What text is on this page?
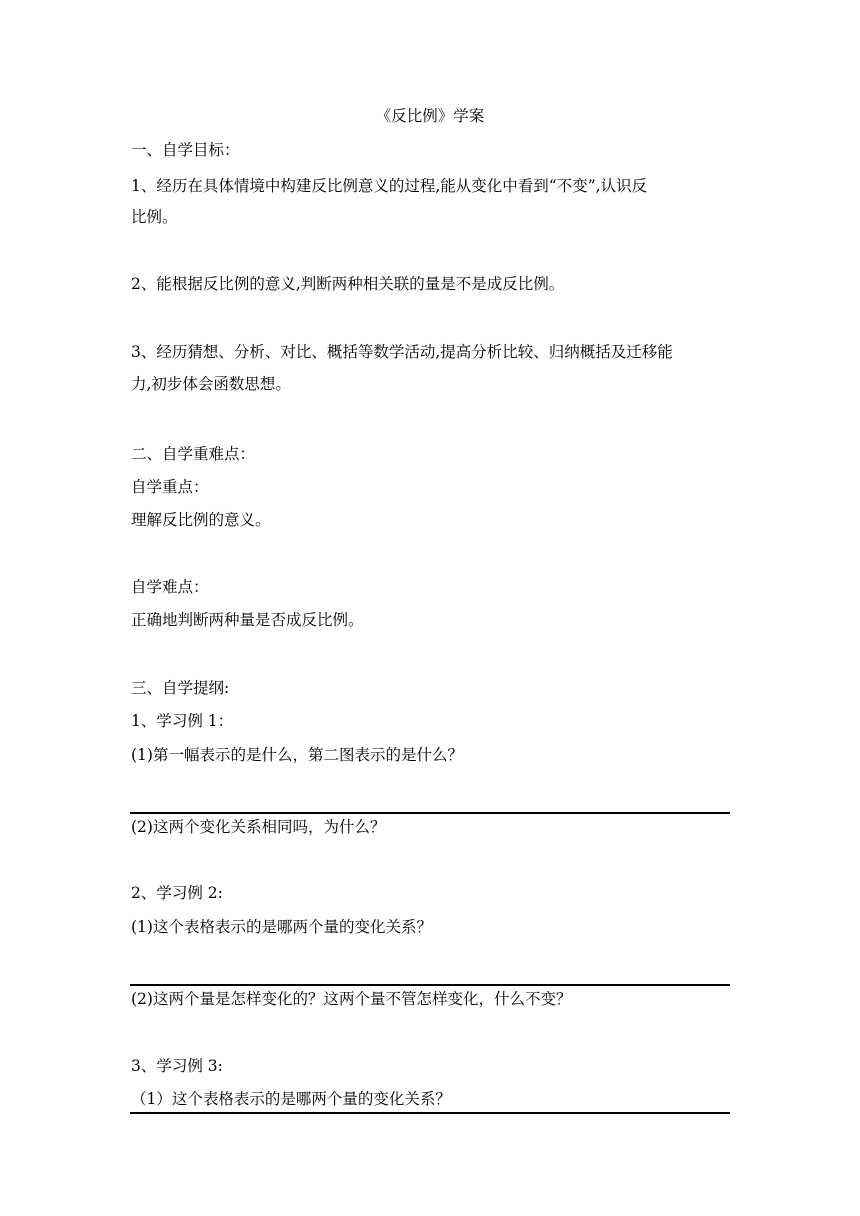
《反比例》学案
一、自学目标：
1、经历在具体情境中构建反比例意义的过程,能从变化中看到“不变”,认识反
比例。
2、能根据反比例的意义,判断两种相关联的量是不是成反比例。
3、经历猜想、分析、对比、概括等数学活动,提高分析比较、归纳概括及迁移能
力,初步体会函数思想。
二、自学重难点：
自学重点：
理解反比例的意义。
自学难点：
正确地判断两种量是否成反比例。
三、自学提纲:
1、学习例 1：
(1)第一幅表示的是什么，第二图表示的是什么？
(2)这两个变化关系相同吗，为什么？
2、学习例 2:
(1)这个表格表示的是哪两个量的变化关系？
(2)这两个量是怎样变化的？这两个量不管怎样变化，什么不变？
3、学习例 3:
（1）这个表格表示的是哪两个量的变化关系？
